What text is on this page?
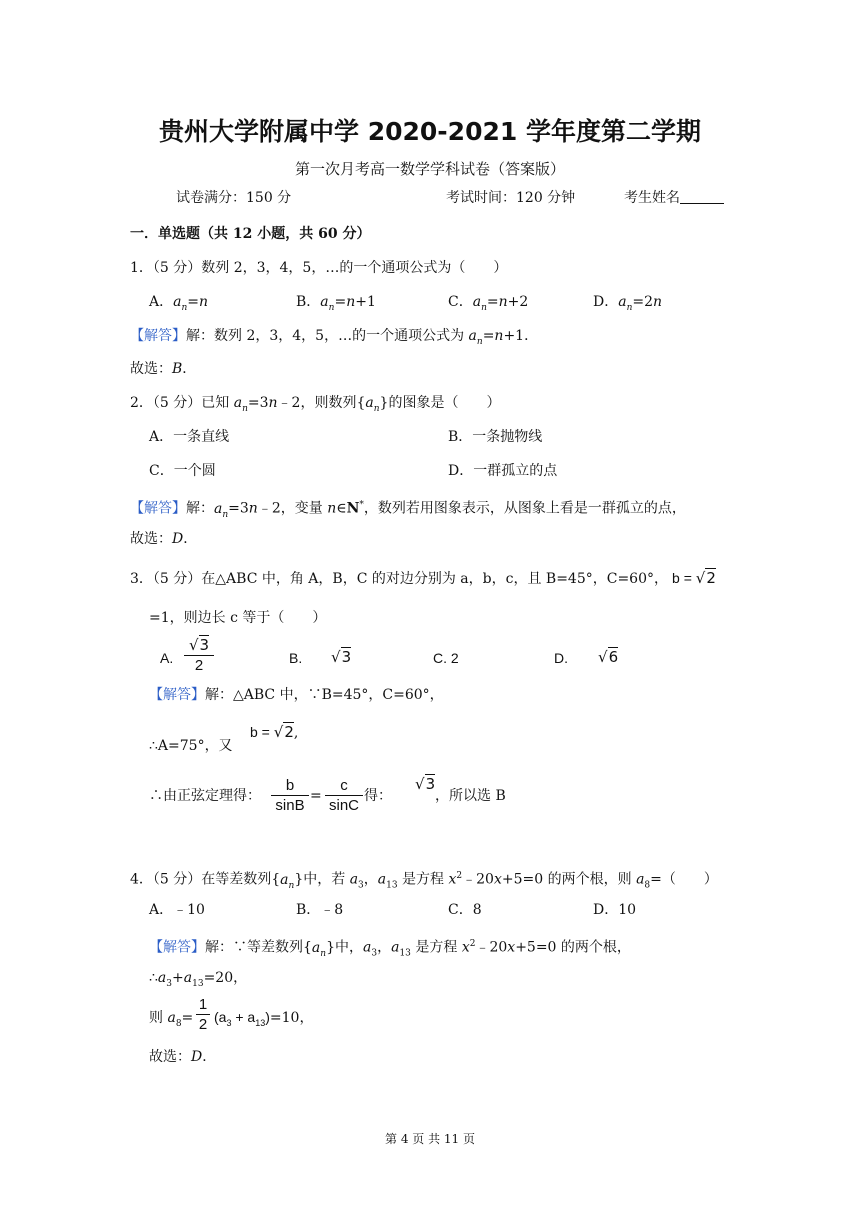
贵州大学附属中学 2020-2021 学年度第二学期
第一次月考高一数学学科试卷（答案版）
试卷满分：150 分	考试时间：120 分钟	考生姓名
一．单选题（共 12 小题，共 60 分）
1．（5 分）数列 2，3，4，5，…的一个通项公式为（　　）
A．$a_n=n$	B．$a_n=n+1$	C．$a_n=n+2$	D．$a_n=2n$
【解答】解：数列 2，3，4，5，…的一个通项公式为 $a_n=n+1$．
故选：B．
2．（5 分）已知 $a_n=3n﹣2$，则数列$\{a_n\}$的图象是（　　）
A．一条直线	B．一条抛物线
C．一个圆	D．一群孤立的点
【解答】解：$a_n=3n﹣2$，变量 n∈N*，数列若用图象表示，从图象上看是一群孤立的点，
故选：D．
3．（5 分）在△ABC 中，角 A，B，C 的对边分别为 a，b，c，且 B=45°，C=60°， b = √2
=1，则边长 c 等于（　　）
A.
√3
2	B. √3	C. 2	D. √6
【解答】解：△ABC 中，∵B=45°，C=60°，
∴A=75°，又
b = √2,
∴由正弦定理得：
b
sinB
=
c
sinC
得：
√3
，所以选 B
4．（5 分）在等差数列$\{a_n\}$中，若 $a_3$，$a_{13}$ 是方程 $x^2﹣20x+5=0$ 的两个根，则 $a_8=$（　　）
A．﹣10	B．﹣8	C．8	D．10
【解答】解：∵等差数列$\{a_n\}$中，$a_3$，$a_{13}$ 是方程 $x^2﹣20x+5=0$ 的两个根，
$\therefore a_3+a_{13}=20$，
则 $a_8=$
1
2 $(a_3 + a_{13})=10$，
故选：D．
第 4 页 共 11 页
